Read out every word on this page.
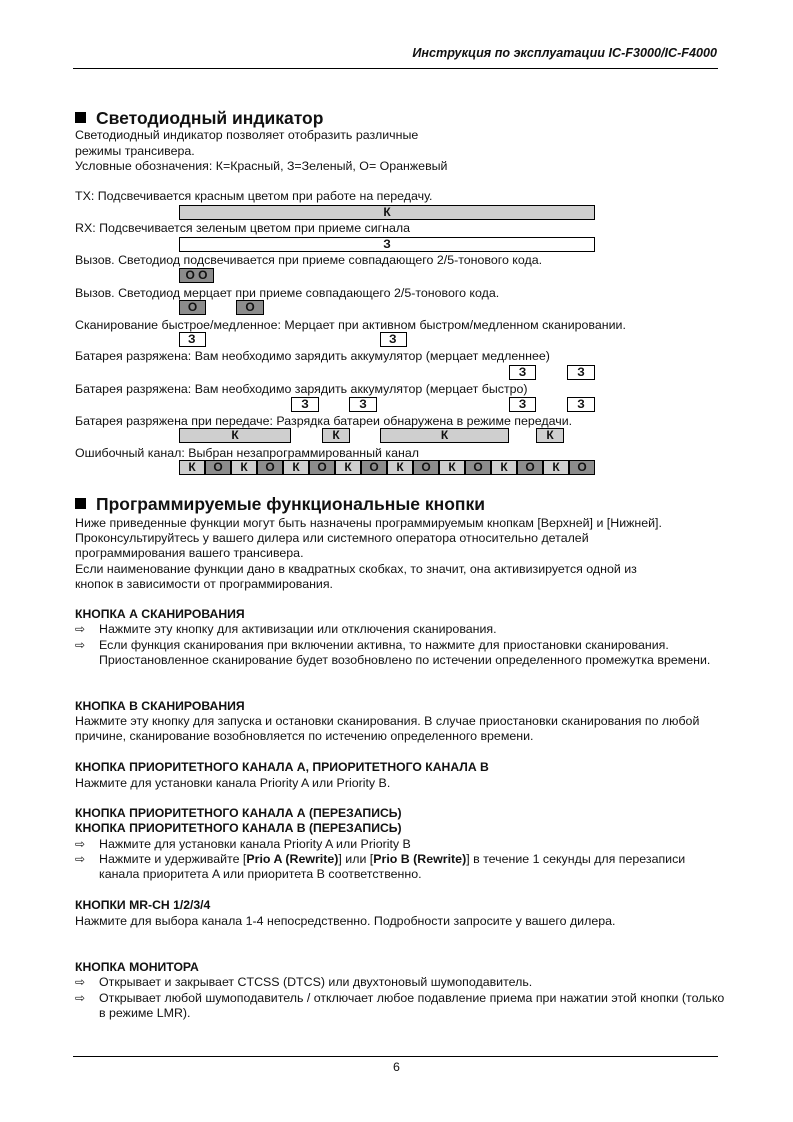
Инструкция по эксплуатации IC-F3000/IC-F4000
Светодиодный индикатор
Светодиодный индикатор позволяет отобразить различные
режимы трансивера.
Условные обозначения: К=Красный, З=Зеленый, О= Оранжевый
TX: Подсвечивается красным цветом при работе на передачу.
К
RX: Подсвечивается зеленым цветом при приеме сигнала
З
Вызов. Светодиод подсвечивается при приеме совпадающего 2/5-тонового кода.
О О
Вызов. Светодиод мерцает при приеме совпадающего 2/5-тонового кода.
О	О
Сканирование быстрое/медленное: Мерцает при активном быстром/медленном сканировании.
З	З
Батарея разряжена: Вам необходимо зарядить аккумулятор (мерцает медленнее)
З	З
Батарея разряжена: Вам необходимо зарядить аккумулятор (мерцает быстро)
З	З	З	З
Батарея разряжена при передаче: Разрядка батареи обнаружена в режиме передачи.
К	К	К	К
Ошибочный канал: Выбран незапрограммированный канал
К	О	К	О	К	О	К	О	К	О	К	О	К	О	К	О
Программируемые функциональные кнопки
Ниже приведенные функции могут быть назначены программируемым кнопкам [Верхней] и [Нижней].
Проконсультируйтесь у вашего дилера или системного оператора относительно деталей
программирования вашего трансивера.
Если наименование функции дано в квадратных скобках, то значит, она активизируется одной из
кнопок в зависимости от программирования.
КНОПКА А СКАНИРОВАНИЯ
⇨ Нажмите эту кнопку для активизации или отключения сканирования.
⇨ Если функция сканирования при включении активна, то нажмите для приостановки сканирования. Приостановленное сканирование будет возобновлено по истечении определенного промежутка времени.
КНОПКА В СКАНИРОВАНИЯ
Нажмите эту кнопку для запуска и остановки сканирования. В случае приостановки сканирования по любой причине, сканирование возобновляется по истечению определенного времени.
КНОПКА ПРИОРИТЕТНОГО КАНАЛА А, ПРИОРИТЕТНОГО КАНАЛА В
Нажмите для установки канала Priority A или Priority B.
КНОПКА ПРИОРИТЕТНОГО КАНАЛА А (ПЕРЕЗАПИСЬ)
КНОПКА ПРИОРИТЕТНОГО КАНАЛА В (ПЕРЕЗАПИСЬ)
⇨ Нажмите для установки канала Priority A или Priority B
⇨ Нажмите и удерживайте [Prio A (Rewrite)] или [Prio B (Rewrite)] в течение 1 секунды для перезаписи канала приоритета A или приоритета B соответственно.
КНОПКИ MR-CH 1/2/3/4
Нажмите для выбора канала 1-4 непосредственно. Подробности запросите у вашего дилера.
КНОПКА МОНИТОРА
⇨ Открывает и закрывает CTCSS (DTCS) или двухтоновый шумоподавитель.
⇨ Открывает любой шумоподавитель / отключает любое подавление приема при нажатии этой кнопки (только в режиме LMR).
6
